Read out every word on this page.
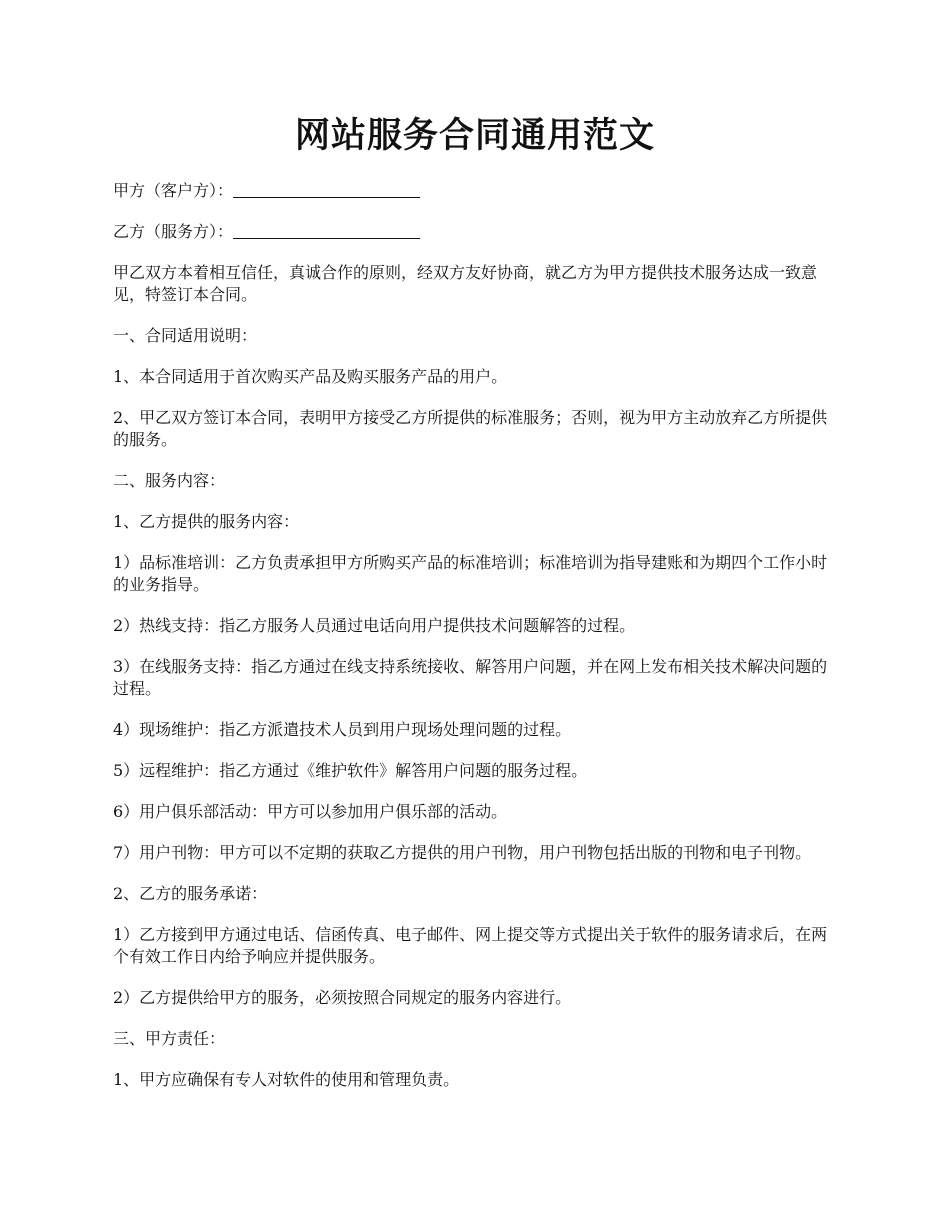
网站服务合同通用范文
甲方（客户方）：
乙方（服务方）：

甲乙双方本着相互信任，真诚合作的原则，经双方友好协商，就乙方为甲方提供技术服务达成一致意见，特签订本合同。

一、合同适用说明：

1、本合同适用于首次购买产品及购买服务产品的用户。

2、甲乙双方签订本合同，表明甲方接受乙方所提供的标准服务；否则，视为甲方主动放弃乙方所提供的服务。

二、服务内容：

1、乙方提供的服务内容：

1）品标准培训：乙方负责承担甲方所购买产品的标准培训；标准培训为指导建账和为期四个工作小时的业务指导。

2）热线支持：指乙方服务人员通过电话向用户提供技术问题解答的过程。

3）在线服务支持：指乙方通过在线支持系统接收、解答用户问题，并在网上发布相关技术解决问题的过程。

4）现场维护：指乙方派遣技术人员到用户现场处理问题的过程。

5）远程维护：指乙方通过《维护软件》解答用户问题的服务过程。

6）用户俱乐部活动：甲方可以参加用户俱乐部的活动。

7）用户刊物：甲方可以不定期的获取乙方提供的用户刊物，用户刊物包括出版的刊物和电子刊物。

2、乙方的服务承诺：

1）乙方接到甲方通过电话、信函传真、电子邮件、网上提交等方式提出关于软件的服务请求后，在两个有效工作日内给予响应并提供服务。

2）乙方提供给甲方的服务，必须按照合同规定的服务内容进行。

三、甲方责任：

1、甲方应确保有专人对软件的使用和管理负责。
